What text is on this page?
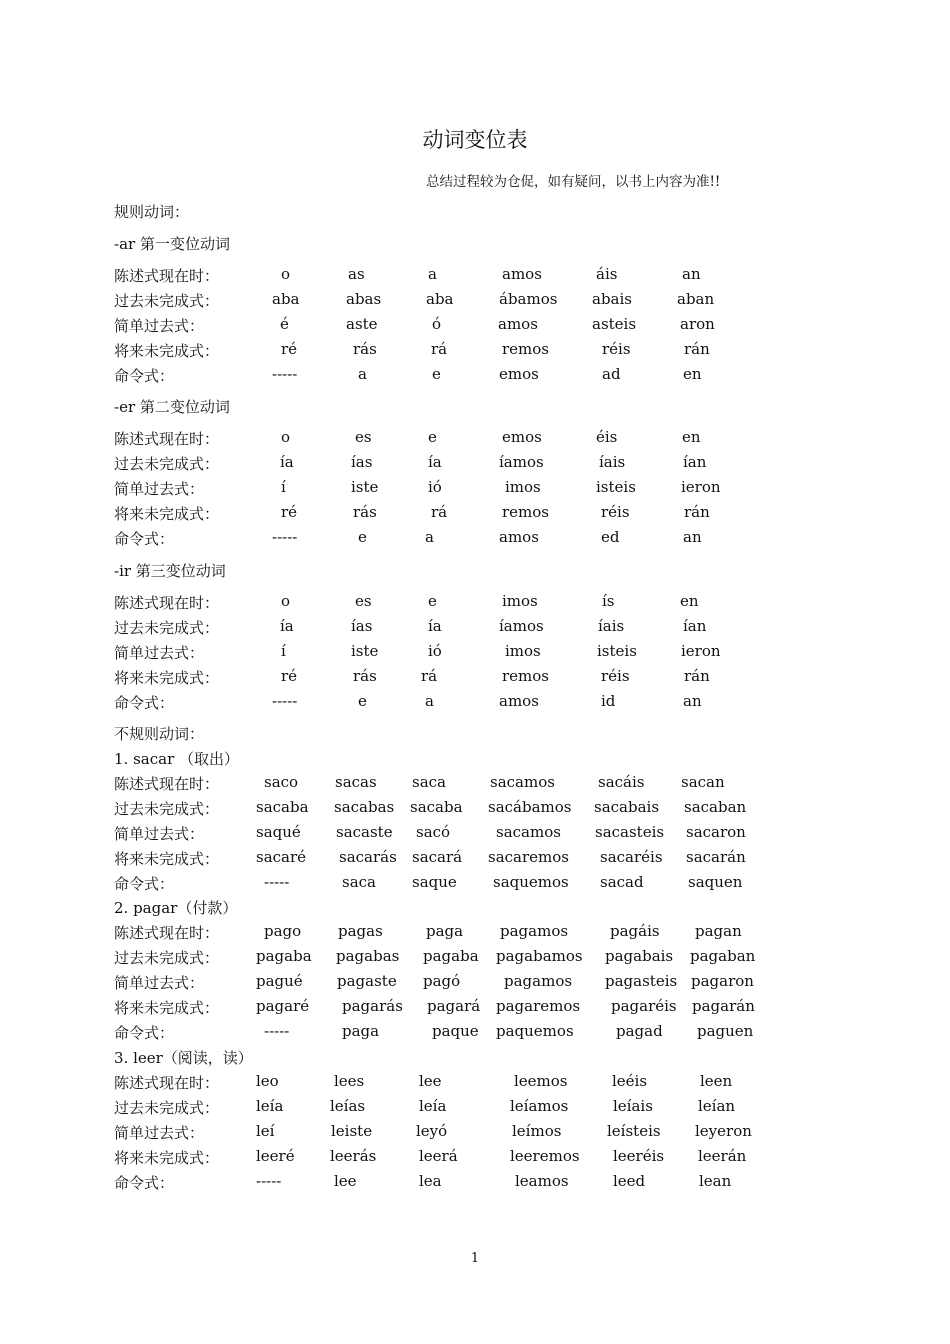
动词变位表
总结过程较为仓促，如有疑问，以书上内容为准!!
规则动词：
-ar 第一变位动词
陈述式现在时：	o	as	a	amos	áis	an
过去未完成式：	aba	abas	aba	ábamos abais	aban
简单过去式：	é	aste	ó	amos	asteis	aron
将来未完成式：	ré	rás	rá	remos	réis	rán
命令式：	-----	a	e	emos	ad	en
-er 第二变位动词
陈述式现在时：	o	es	e	emos	éis	en
过去未完成式：	ía	ías	ía	íamos	íais	ían
简单过去式：	í	iste	ió	imos	isteis	ieron
将来未完成式：	ré	rás	rá	remos	réis	rán
命令式：	-----	e	a	amos	ed	an
-ir 第三变位动词
陈述式现在时：	o	es	e	imos	ís	en
过去未完成式：	ía	ías	ía	íamos	íais	ían
简单过去式：	í	iste	ió	imos	isteis	ieron
将来未完成式：	ré	rás	rá	remos	réis	rán
命令式：	-----	e	a	amos	id	an
不规则动词：
1. sacar （取出）
陈述式现在时：	saco sacas saca	sacamos	sacáis sacan
过去未完成式： sacaba sacabas sacaba sacábamos sacabais sacaban
简单过去式：	saqué sacaste sacó	sacamos sacasteis sacaron
将来未完成式： sacaré sacarás sacará sacaremos sacaréis sacarán
命令式：	-----	saca saque saquemos sacad	saquen
2. pagar（付款）
陈述式现在时：	pago pagas	paga pagamos	pagáis pagan
过去未完成式： pagaba pagabas pagaba pagabamos pagabais pagaban
简单过去式：	pagué pagaste pagó	pagamos pagasteis pagaron
将来未完成式： pagaré pagarás pagará pagaremos pagaréis pagarán
命令式：	-----	paga	paque paquemos	pagad paguen
3. leer（阅读，读）
陈述式现在时： leo	lees	lee	leemos	leéis	leen
过去未完成式： leía	leías	leía	leíamos	leíais	leían
简单过去式：	leí	leiste	leyó	leímos	leísteis leyeron
将来未完成式： leeré leerás	leerá	leeremos leeréis leerán
命令式：	-----	lee	lea	leamos	leed	lean
1
